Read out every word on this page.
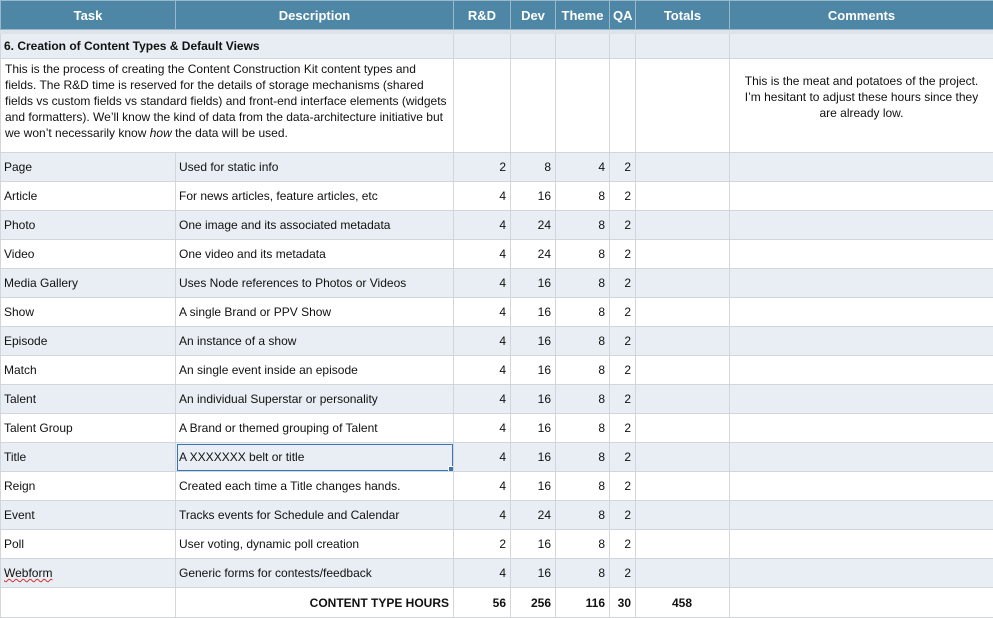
Task	Description	R&D	Dev	Theme	QA	Totals	Comments

6. Creation of Content Types & Default Views							
This is the process of creating the Content Construction Kit content types and fields. The R&D time is reserved for the details of storage mechanisms (shared fields vs custom fields vs standard fields) and front-end interface elements (widgets and formatters). We’ll know the kind of data from the data-architecture initiative but we won’t necessarily know how the data will be used.							This is the meat and potatoes of the project. I’m hesitant to adjust these hours since they are already low.
Page	Used for static info	2	8	4	2		
Article	For news articles, feature articles, etc	4	16	8	2		
Photo	One image and its associated metadata	4	24	8	2		
Video	One video and its metadata	4	24	8	2		
Media Gallery	Uses Node references to Photos or Videos	4	16	8	2		
Show	A single Brand or PPV Show	4	16	8	2		
Episode	An instance of a show	4	16	8	2		
Match	An single event inside an episode	4	16	8	2		
Talent	An individual Superstar or personality	4	16	8	2		
Talent Group	A Brand or themed grouping of Talent	4	16	8	2		
Title	A XXXXXXX belt or title	4	16	8	2		
Reign	Created each time a Title changes hands.	4	16	8	2		
Event	Tracks events for Schedule and Calendar	4	24	8	2		
Poll	User voting, dynamic poll creation	2	16	8	2		
Webform	Generic forms for contests/feedback	4	16	8	2		
	CONTENT TYPE HOURS	56	256	116	30	458	
